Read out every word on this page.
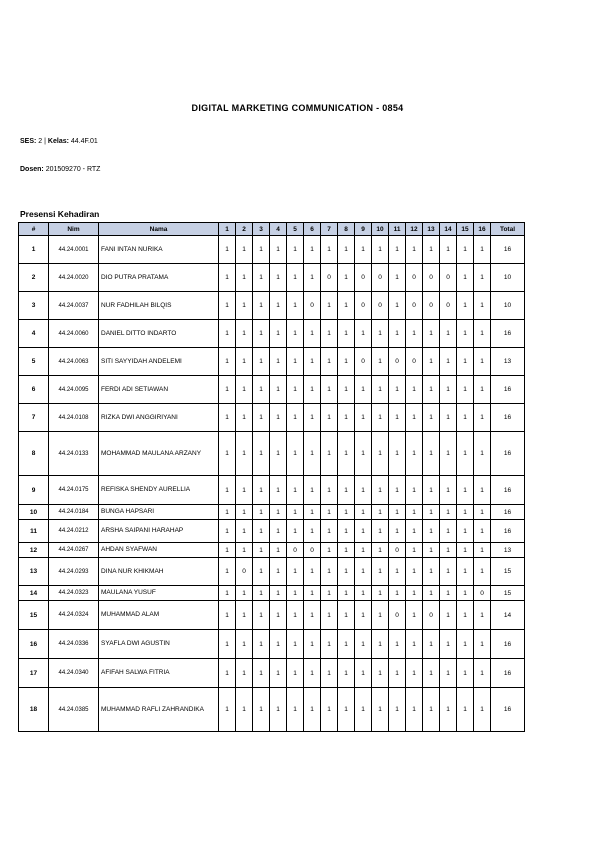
DIGITAL MARKETING COMMUNICATION - 0854
SES: 2 | Kelas: 44.4F.01
Dosen: 201509270 - RTZ
Presensi Kehadiran
#	Nim	Nama	1	2	3	4	5	6	7	8	9	10	11	12	13	14	15	16	Total
1	44.24.0001	FANI INTAN NURIKA	1	1	1	1	1	1	1	1	1	1	1	1	1	1	1	1	16
2	44.24.0020	DIO PUTRA PRATAMA	1	1	1	1	1	1	0	1	0	0	1	0	0	0	1	1	10
3	44.24.0037	NUR FADHILAH BILQIS	1	1	1	1	1	0	1	1	0	0	1	0	0	0	1	1	10
4	44.24.0060	DANIEL DITTO INDARTO	1	1	1	1	1	1	1	1	1	1	1	1	1	1	1	1	16
5	44.24.0063	SITI SAYYIDAH ANDELEMI	1	1	1	1	1	1	1	1	0	1	0	0	1	1	1	1	13
6	44.24.0095	FERDI ADI SETIAWAN	1	1	1	1	1	1	1	1	1	1	1	1	1	1	1	1	16
7	44.24.0108	RIZKA DWI ANGGIRIYANI	1	1	1	1	1	1	1	1	1	1	1	1	1	1	1	1	16
8	44.24.0133	MOHAMMAD MAULANA ARZANY	1	1	1	1	1	1	1	1	1	1	1	1	1	1	1	1	16
9	44.24.0175	REFISKA SHENDY AURELLIA	1	1	1	1	1	1	1	1	1	1	1	1	1	1	1	1	16
10	44.24.0184	BUNGA HAPSARI	1	1	1	1	1	1	1	1	1	1	1	1	1	1	1	1	16
11	44.24.0212	ARSHA SAIPANI HARAHAP	1	1	1	1	1	1	1	1	1	1	1	1	1	1	1	1	16
12	44.24.0267	AHDAN SYAFWAN	1	1	1	1	0	0	1	1	1	1	0	1	1	1	1	1	13
13	44.24.0293	DINA NUR KHIKMAH	1	0	1	1	1	1	1	1	1	1	1	1	1	1	1	1	15
14	44.24.0323	MAULANA YUSUF	1	1	1	1	1	1	1	1	1	1	1	1	1	1	1	0	15
15	44.24.0324	MUHAMMAD ALAM	1	1	1	1	1	1	1	1	1	1	0	1	0	1	1	1	14
16	44.24.0336	SYAFLA DWI AGUSTIN	1	1	1	1	1	1	1	1	1	1	1	1	1	1	1	1	16
17	44.24.0340	AFIFAH SALWA FITRIA	1	1	1	1	1	1	1	1	1	1	1	1	1	1	1	1	16
18	44.24.0385	MUHAMMAD RAFLI ZAHRANDIKA	1	1	1	1	1	1	1	1	1	1	1	1	1	1	1	1	16
